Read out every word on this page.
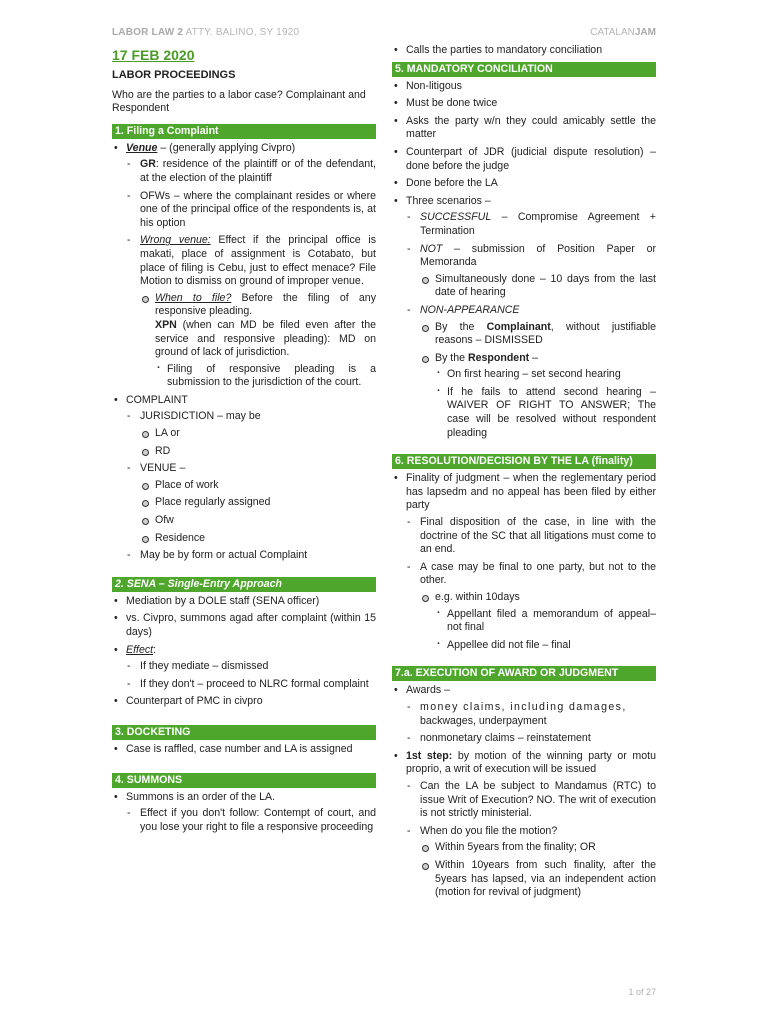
LABOR LAW 2 ATTY. BALINO, SY 1920	CATALANJAM
17 FEB 2020
LABOR PROCEEDINGS
Who are the parties to a labor case? Complainant and Respondent
1. Filing a Complaint
• Venue – (generally applying Civpro)
- GR: residence of the plaintiff or of the defendant, at the election of the plaintiff
- OFWs – where the complainant resides or where one of the principal office of the respondents is, at his option
- Wrong venue: Effect if the principal office is makati, place of assignment is Cotabato, but place of filing is Cebu, just to effect menace? File Motion to dismiss on ground of improper venue.
When to file? Before the filing of any responsive pleading.
XPN (when can MD be filed even after the service and responsive pleading): MD on ground of lack of jurisdiction.
· Filing of responsive pleading is a submission to the jurisdiction of the court.
• COMPLAINT
- JURISDICTION – may be
LA or
RD
- VENUE –
Place of work
Place regularly assigned
Ofw
Residence
- May be by form or actual Complaint
2. SENA – Single-Entry Approach
• Mediation by a DOLE staff (SENA officer)
• vs. Civpro, summons agad after complaint (within 15 days)
• Effect:
- If they mediate – dismissed
- If they don't – proceed to NLRC formal complaint
• Counterpart of PMC in civpro
3. DOCKETING
• Case is raffled, case number and LA is assigned
4. SUMMONS
• Summons is an order of the LA.
- Effect if you don't follow: Contempt of court, and you lose your right to file a responsive proceeding
• Calls the parties to mandatory conciliation
5. MANDATORY CONCILIATION
• Non-litigous
• Must be done twice
• Asks the party w/n they could amicably settle the matter
• Counterpart of JDR (judicial dispute resolution) – done before the judge
• Done before the LA
• Three scenarios –
- SUCCESSFUL – Compromise Agreement + Termination
- NOT – submission of Position Paper or Memoranda
Simultaneously done – 10 days from the last date of hearing
- NON-APPEARANCE
By the Complainant, without justifiable reasons – DISMISSED
By the Respondent –
· On first hearing – set second hearing
· If he fails to attend second hearing – WAIVER OF RIGHT TO ANSWER; The case will be resolved without respondent pleading
6. RESOLUTION/DECISION BY THE LA (finality)
• Finality of judgment – when the reglementary period has lapsedm and no appeal has been filed by either party
- Final disposition of the case, in line with the doctrine of the SC that all litigations must come to an end.
- A case may be final to one party, but not to the other.
e.g. within 10days
· Appellant filed a memorandum of appeal– not final
· Appellee did not file – final
7.a. EXECUTION OF AWARD OR JUDGMENT
• Awards –
- money claims, including damages,
backwages, underpayment
- nonmonetary claims – reinstatement
• 1st step: by motion of the winning party or motu proprio, a writ of execution will be issued
- Can the LA be subject to Mandamus (RTC) to issue Writ of Execution? NO. The writ of execution is not strictly ministerial.
- When do you file the motion?
Within 5years from the finality; OR
Within 10years from such finality, after the 5years has lapsed, via an independent action (motion for revival of judgment)
1 of 27
